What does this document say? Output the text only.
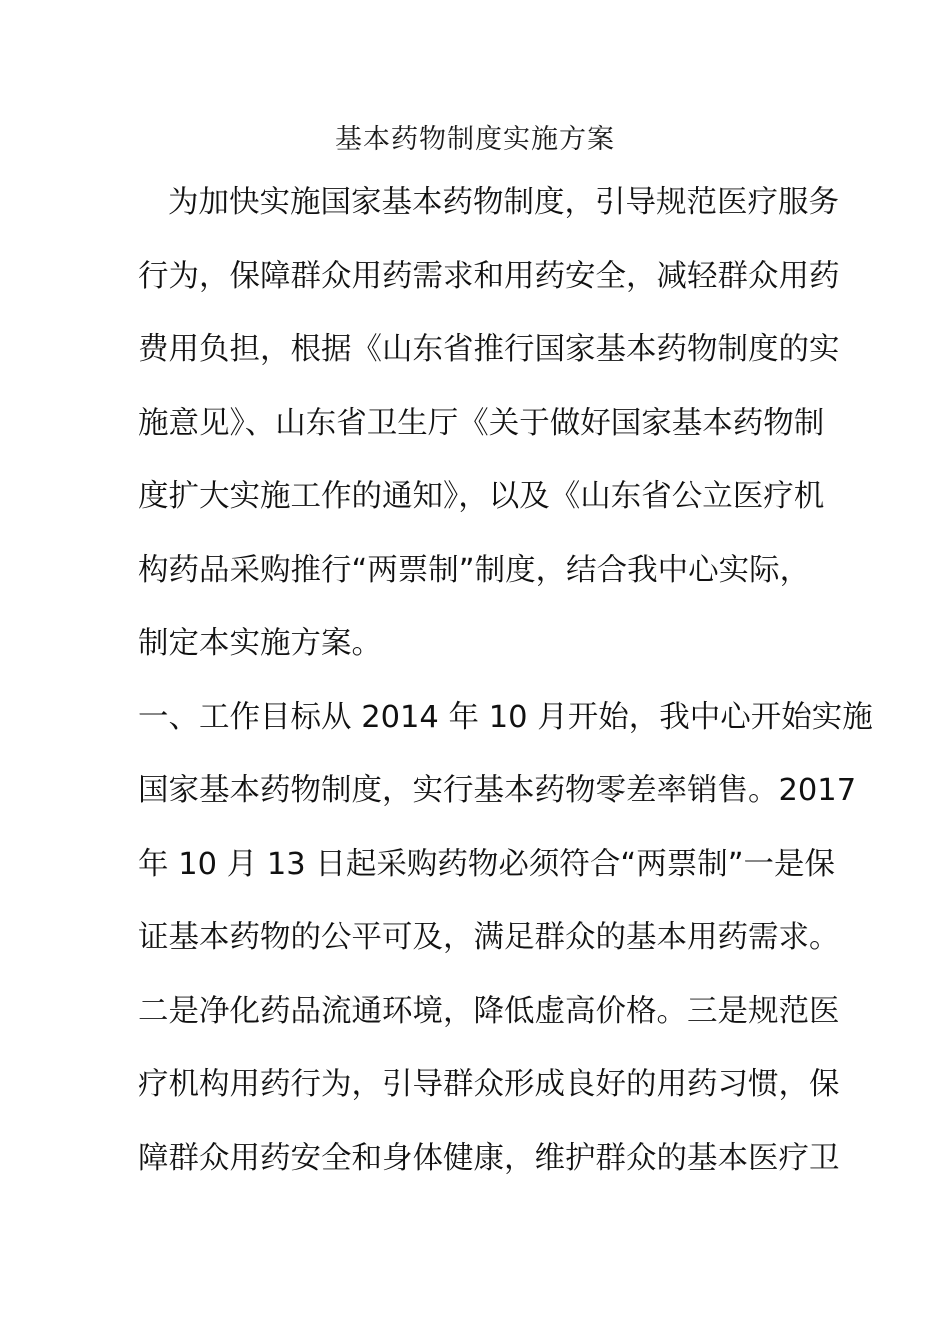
基本药物制度实施方案
为加快实施国家基本药物制度，引导规范医疗服务
行为，保障群众用药需求和用药安全，减轻群众用药
费用负担，根据《山东省推行国家基本药物制度的实
施意见》、山东省卫生厅《关于做好国家基本药物制
度扩大实施工作的通知》，以及《山东省公立医疗机
构药品采购推行“两票制”制度，结合我中心实际，
制定本实施方案。
一、工作目标从 2014 年 10 月开始，我中心开始实施
国家基本药物制度，实行基本药物零差率销售。2017
年 10 月 13 日起采购药物必须符合“两票制”一是保
证基本药物的公平可及，满足群众的基本用药需求。
二是净化药品流通环境，降低虚高价格。三是规范医
疗机构用药行为，引导群众形成良好的用药习惯，保
障群众用药安全和身体健康，维护群众的基本医疗卫
